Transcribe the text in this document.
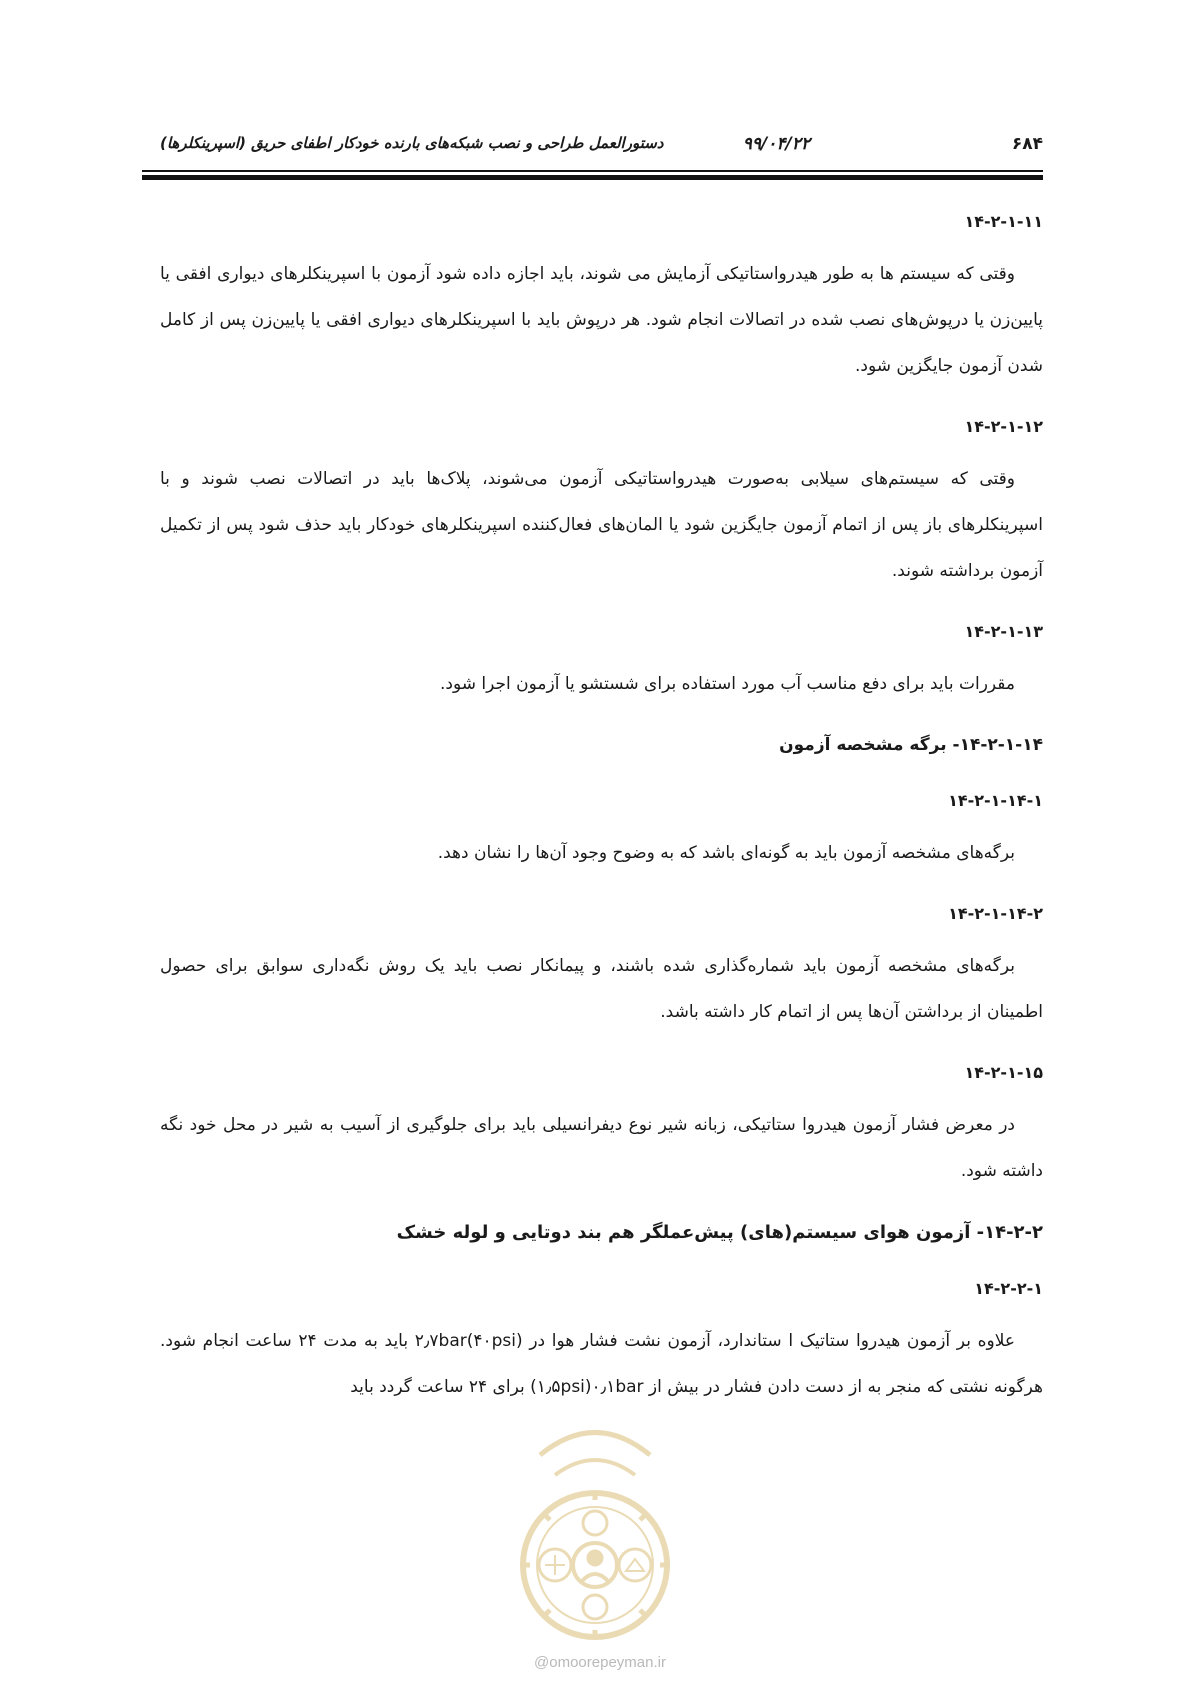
۶۸۴
۹۹/۰۴/۲۲
دستورالعمل طراحی و نصب شبکه‌های بارنده خودکار اطفای حریق (اسپرینکلرها)

۱۴-۲-۱-۱۱

وقتی که سیستم ها به طور هیدرواستاتیکی آزمایش می شوند، باید اجازه داده شود آزمون با اسپرینکلرهای دیواری افقی یا پایین‌زن یا درپوش‌های نصب شده در اتصالات انجام شود. هر درپوش باید با اسپرینکلرهای دیواری افقی یا پایین‌زن پس از کامل شدن آزمون جایگزین شود.

۱۴-۲-۱-۱۲

وقتی که سیستم‌های سیلابی به‌صورت هیدرواستاتیکی آزمون می‌شوند، پلاک‌ها باید در اتصالات نصب شوند و با اسپرینکلرهای باز پس از اتمام آزمون جایگزین شود یا المان‌های فعال‌کننده اسپرینکلرهای خودکار باید حذف شود پس از تکمیل آزمون برداشته شوند.

۱۴-۲-۱-۱۳

مقررات باید برای دفع مناسب آب مورد استفاده برای شستشو یا آزمون اجرا شود.

۱۴-۲-۱-۱۴- برگه مشخصه آزمون

۱۴-۲-۱-۱۴-۱

برگه‌های مشخصه آزمون باید به گونه‌ای باشد که به وضوح وجود آن‌ها را نشان دهد.

۱۴-۲-۱-۱۴-۲

برگه‌های مشخصه آزمون باید شماره‌گذاری شده باشند، و پیمانکار نصب باید یک روش نگه‌داری سوابق برای حصول اطمینان از برداشتن آن‌ها پس از اتمام کار داشته باشد.

۱۴-۲-۱-۱۵

در معرض فشار آزمون هیدروا ستاتیکی، زبانه شیر نوع دیفرانسیلی باید برای جلوگیری از آسیب به شیر در محل خود نگه داشته شود.

۱۴-۲-۲- آزمون هوای سیستم(های) پیش‌عملگر هم بند دوتایی و لوله خشک

۱۴-۲-۲-۱

علاوه بر آزمون هیدروا ستاتیک ا ستاندارد، آزمون نشت فشار هوا در ۲٫۷bar(۴۰psi) باید به مدت ۲۴ ساعت انجام شود. هرگونه نشتی که منجر به از دست دادن فشار در بیش از ۰٫۱bar(۱٫۵psi) برای ۲۴ ساعت گردد باید

@omoorepeyman.ir
